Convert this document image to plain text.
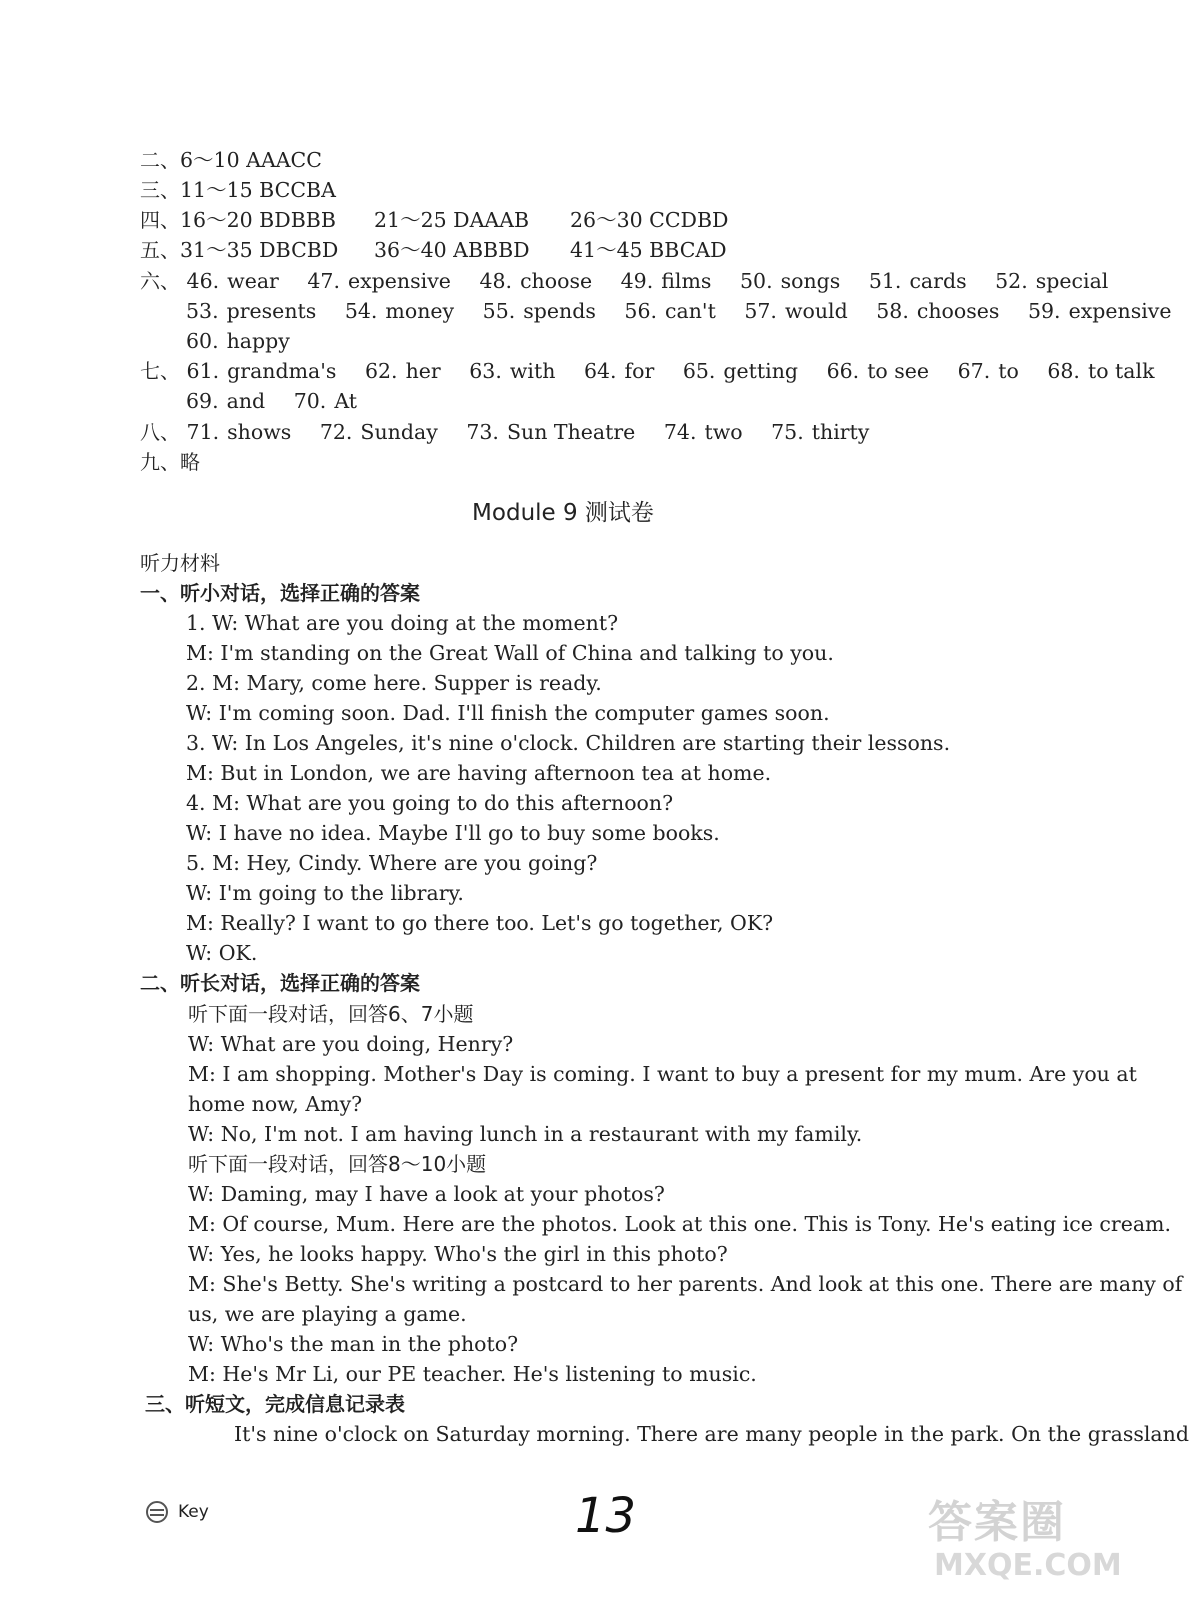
二、6～10 AAACC
三、11～15 BCCBA
四、16～20 BDBBB 21～25 DAAAB 26～30 CCDBD
五、31～35 DBCBD 36～40 ABBBD 41～45 BBCAD
六、 46. wear 47. expensive 48. choose 49. films 50. songs 51. cards 52. special
53. presents 54. money 55. spends 56. can't 57. would 58. chooses 59. expensive
60. happy
七、 61. grandma's 62. her 63. with 64. for 65. getting 66. to see 67. to 68. to talk
69. and 70. At
八、 71. shows 72. Sunday 73. Sun Theatre 74. two 75. thirty
九、略
Module 9 测试卷
听力材料
一、听小对话，选择正确的答案
1. W: What are you doing at the moment?
M: I'm standing on the Great Wall of China and talking to you.
2. M: Mary, come here. Supper is ready.
W: I'm coming soon. Dad. I'll finish the computer games soon.
3. W: In Los Angeles, it's nine o'clock. Children are starting their lessons.
M: But in London, we are having afternoon tea at home.
4. M: What are you going to do this afternoon?
W: I have no idea. Maybe I'll go to buy some books.
5. M: Hey, Cindy. Where are you going?
W: I'm going to the library.
M: Really? I want to go there too. Let's go together, OK?
W: OK.
二、听长对话，选择正确的答案
听下面一段对话，回答6、7小题
W: What are you doing, Henry?
M: I am shopping. Mother's Day is coming. I want to buy a present for my mum. Are you at
home now, Amy?
W: No, I'm not. I am having lunch in a restaurant with my family.
听下面一段对话，回答8～10小题
W: Daming, may I have a look at your photos?
M: Of course, Mum. Here are the photos. Look at this one. This is Tony. He's eating ice cream.
W: Yes, he looks happy. Who's the girl in this photo?
M: She's Betty. She's writing a postcard to her parents. And look at this one. There are many of
us, we are playing a game.
W: Who's the man in the photo?
M: He's Mr Li, our PE teacher. He's listening to music.
三、听短文，完成信息记录表
It's nine o'clock on Saturday morning. There are many people in the park. On the grassland
Key	13	答案圈
MXQE.COM
